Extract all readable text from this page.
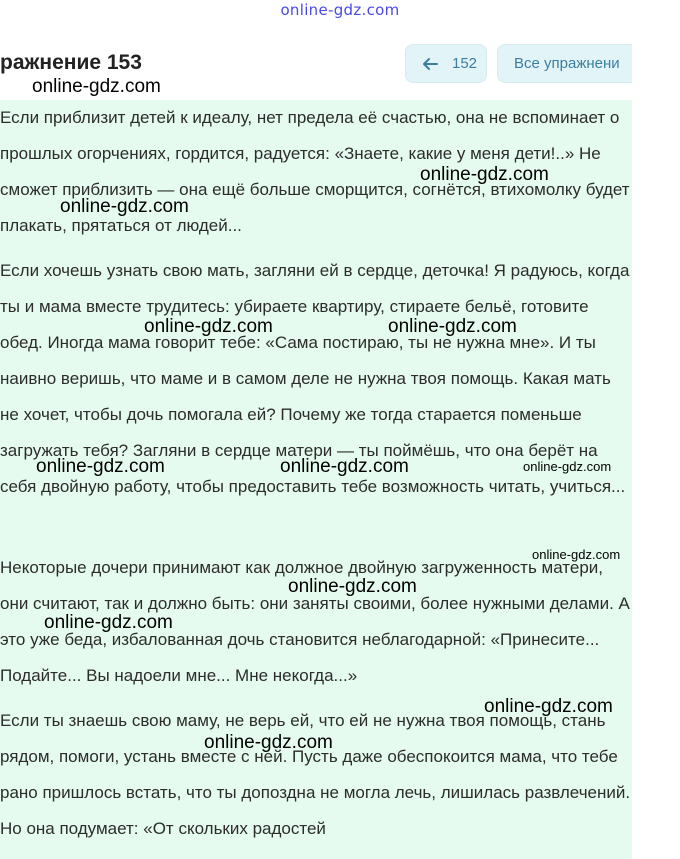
online-gdz.com
ражнение 153	152 Все упражнени

Если приблизит детей к идеалу, нет предела её счастью, она не вспоминает о прошлых огорчениях, гордится, радуется: «Знаете, какие у меня дети!..» Не сможет приблизить — она ещё больше сморщится, согнётся, втихомолку будет плакать, прятаться от людей...

Если хочешь узнать свою мать, загляни ей в сердце, деточка! Я радуюсь, когда ты и мама вместе трудитесь: убираете квартиру, стираете бельё, готовите обед. Иногда мама говорит тебе: «Сама постираю, ты не нужна мне». И ты наивно веришь, что маме и в самом деле не нужна твоя помощь. Какая мать не хочет, чтобы дочь помогала ей? Почему же тогда старается поменьше загружать тебя? Загляни в сердце матери — ты поймёшь, что она берёт на себя двойную работу, чтобы предоставить тебе возможность читать, учиться...

Некоторые дочери принимают как должное двойную загруженность матери, они считают, так и должно быть: они заняты своими, более нужными делами. А это уже беда, избалованная дочь становится неблагодарной: «Принесите... Подайте... Вы надоели мне... Мне некогда...»

Если ты знаешь свою маму, не верь ей, что ей не нужна твоя помощь, стань рядом, помоги, устань вместе с ней. Пусть даже обеспокоится мама, что тебе рано пришлось встать, что ты допоздна не могла лечь, лишилась развлечений. Но она подумает: «От скольких радостей

online-gdz.com
online-gdz.com
online-gdz.com
online-gdz.com	online-gdz.com
online-gdz.com	online-gdz.com	online-gdz.com
online-gdz.com
online-gdz.com
online-gdz.com
online-gdz.com
online-gdz.com
